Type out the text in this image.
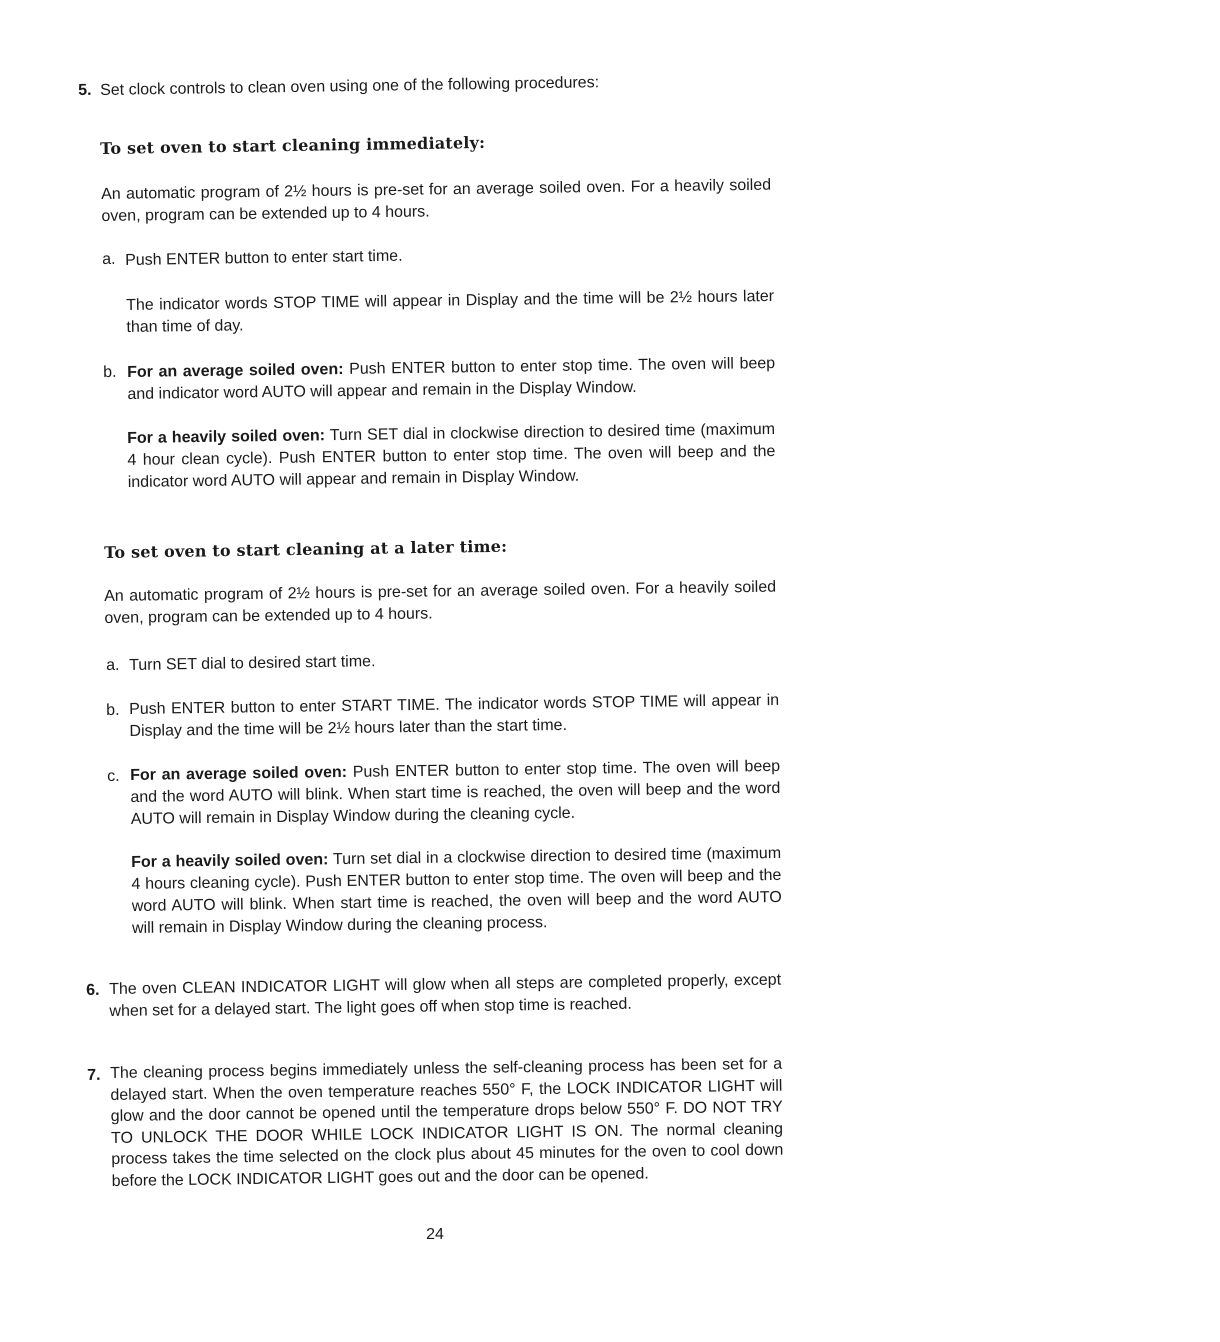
5. Set clock controls to clean oven using one of the following procedures:
To set oven to start cleaning immediately:
An automatic program of 2½ hours is pre-set for an average soiled oven. For a heavily soiled oven, program can be extended up to 4 hours.
a. Push ENTER button to enter start time.
The indicator words STOP TIME will appear in Display and the time will be 2½ hours later than time of day.
b. For an average soiled oven: Push ENTER button to enter stop time. The oven will beep and indicator word AUTO will appear and remain in the Display Window.
For a heavily soiled oven: Turn SET dial in clockwise direction to desired time (maximum 4 hour clean cycle). Push ENTER button to enter stop time. The oven will beep and the indicator word AUTO will appear and remain in Display Window.
To set oven to start cleaning at a later time:
An automatic program of 2½ hours is pre-set for an average soiled oven. For a heavily soiled oven, program can be extended up to 4 hours.
a. Turn SET dial to desired start time.
b. Push ENTER button to enter START TIME. The indicator words STOP TIME will appear in Display and the time will be 2½ hours later than the start time.
c. For an average soiled oven: Push ENTER button to enter stop time. The oven will beep and the word AUTO will blink. When start time is reached, the oven will beep and the word AUTO will remain in Display Window during the cleaning cycle.
For a heavily soiled oven: Turn set dial in a clockwise direction to desired time (maximum 4 hours cleaning cycle). Push ENTER button to enter stop time. The oven will beep and the word AUTO will blink. When start time is reached, the oven will beep and the word AUTO will remain in Display Window during the cleaning process.
6. The oven CLEAN INDICATOR LIGHT will glow when all steps are completed properly, except when set for a delayed start. The light goes off when stop time is reached.
7. The cleaning process begins immediately unless the self-cleaning process has been set for a delayed start. When the oven temperature reaches 550° F, the LOCK INDICATOR LIGHT will glow and the door cannot be opened until the temperature drops below 550° F. DO NOT TRY TO UNLOCK THE DOOR WHILE LOCK INDICATOR LIGHT IS ON. The normal cleaning process takes the time selected on the clock plus about 45 minutes for the oven to cool down before the LOCK INDICATOR LIGHT goes out and the door can be opened.
24
